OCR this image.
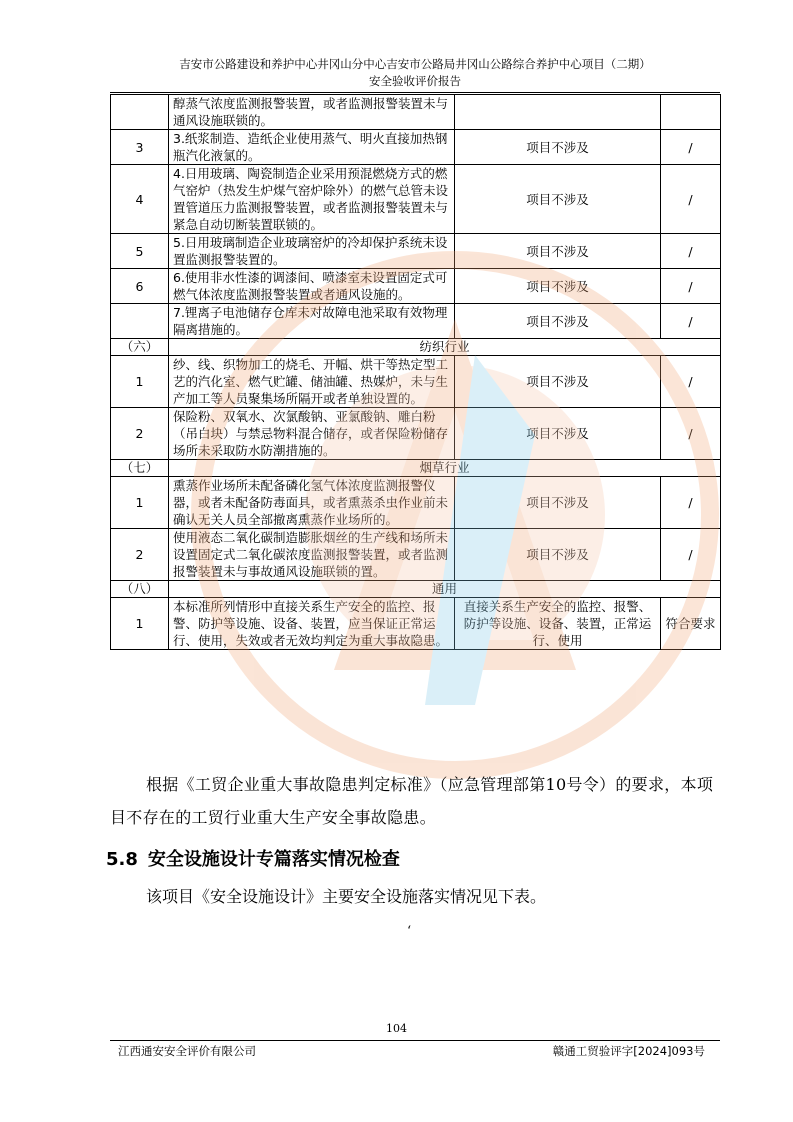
吉安市公路建设和养护中心井冈山分中心吉安市公路局井冈山公路综合养护中心项目（二期）
安全验收评价报告
	醇蒸气浓度监测报警装置，或者监测报警装置未与通风设施联锁的。		
3	3.纸浆制造、造纸企业使用蒸气、明火直接加热钢瓶汽化液氯的。	项目不涉及	/
4	4.日用玻璃、陶瓷制造企业采用预混燃烧方式的燃气窑炉（热发生炉煤气窑炉除外）的燃气总管未设置管道压力监测报警装置，或者监测报警装置未与紧急自动切断装置联锁的。	项目不涉及	/
5	5.日用玻璃制造企业玻璃窑炉的冷却保护系统未设置监测报警装置的。	项目不涉及	/
6	6.使用非水性漆的调漆间、喷漆室未设置固定式可燃气体浓度监测报警装置或者通风设施的。	项目不涉及	/
	7.锂离子电池储存仓库未对故障电池采取有效物理隔离措施的。	项目不涉及	/
（六）	纺织行业		
1	纱、线、织物加工的烧毛、开幅、烘干等热定型工艺的汽化室、燃气贮罐、储油罐、热媒炉，未与生产加工等人员聚集场所隔开或者单独设置的。	项目不涉及	/
2	保险粉、双氧水、次氯酸钠、亚氯酸钠、雕白粉（吊白块）与禁忌物料混合储存，或者保险粉储存场所未采取防水防潮措施的。	项目不涉及	/
（七）	烟草行业		
1	熏蒸作业场所未配备磷化氢气体浓度监测报警仪器，或者未配备防毒面具，或者熏蒸杀虫作业前未确认无关人员全部撤离熏蒸作业场所的。	项目不涉及	/
2	使用液态二氧化碳制造膨胀烟丝的生产线和场所未设置固定式二氧化碳浓度监测报警装置，或者监测报警装置未与事故通风设施联锁的置。	项目不涉及	/
（八）	通用		
1	本标准所列情形中直接关系生产安全的监控、报警、防护等设施、设备、装置，应当保证正常运行、使用，失效或者无效均判定为重大事故隐患。	直接关系生产安全的监控、报警、防护等设施、设备、装置，正常运行、使用	符合要求
根据《工贸企业重大事故隐患判定标准》（应急管理部第10号令）的要求，本项目不存在的工贸行业重大生产安全事故隐患。
5.8 安全设施设计专篇落实情况检查
该项目《安全设施设计》主要安全设施落实情况见下表。
‘
104
江西通安安全评价有限公司	赣通工贸验评字[2024]093号
